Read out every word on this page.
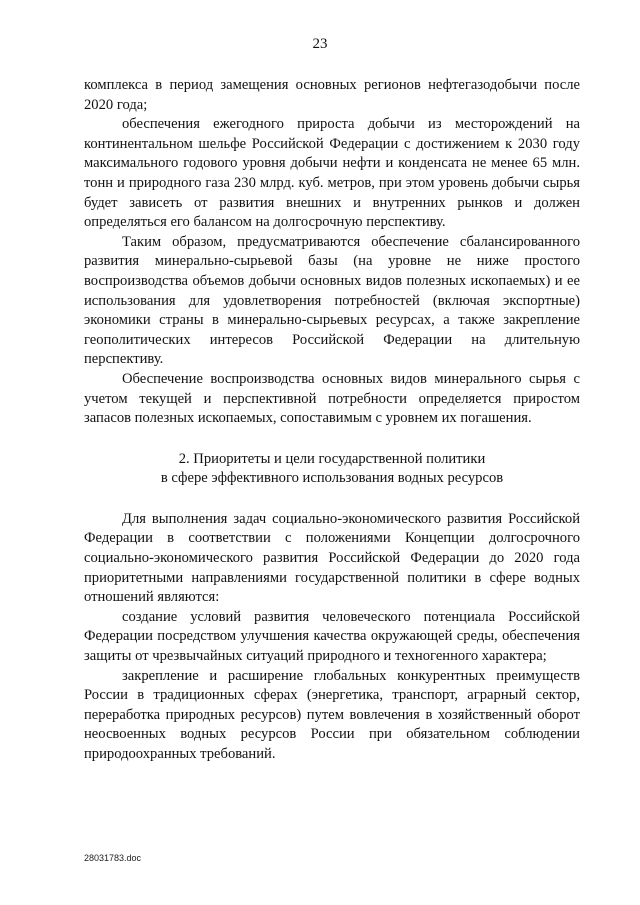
23

комплекса в период замещения основных регионов нефтегазодобычи после 2020 года;

обеспечения ежегодного прироста добычи из месторождений на континентальном шельфе Российской Федерации с достижением к 2030 году максимального годового уровня добычи нефти и конденсата не менее 65 млн. тонн и природного газа 230 млрд. куб. метров, при этом уровень добычи сырья будет зависеть от развития внешних и внутренних рынков и должен определяться его балансом на долгосрочную перспективу.

Таким образом, предусматриваются обеспечение сбалансированного развития минерально-сырьевой базы (на уровне не ниже простого воспроизводства объемов добычи основных видов полезных ископаемых) и ее использования для удовлетворения потребностей (включая экспортные) экономики страны в минерально-сырьевых ресурсах, а также закрепление геополитических интересов Российской Федерации на длительную перспективу.

Обеспечение воспроизводства основных видов минерального сырья с учетом текущей и перспективной потребности определяется приростом запасов полезных ископаемых, сопоставимым с уровнем их погашения.

2. Приоритеты и цели государственной политики
в сфере эффективного использования водных ресурсов

Для выполнения задач социально-экономического развития Российской Федерации в соответствии с положениями Концепции долгосрочного социально-экономического развития Российской Федерации до 2020 года приоритетными направлениями государственной политики в сфере водных отношений являются:

создание условий развития человеческого потенциала Российской Федерации посредством улучшения качества окружающей среды, обеспечения защиты от чрезвычайных ситуаций природного и техногенного характера;

закрепление и расширение глобальных конкурентных преимуществ России в традиционных сферах (энергетика, транспорт, аграрный сектор, переработка природных ресурсов) путем вовлечения в хозяйственный оборот неосвоенных водных ресурсов России при обязательном соблюдении природоохранных требований.

28031783.doc
